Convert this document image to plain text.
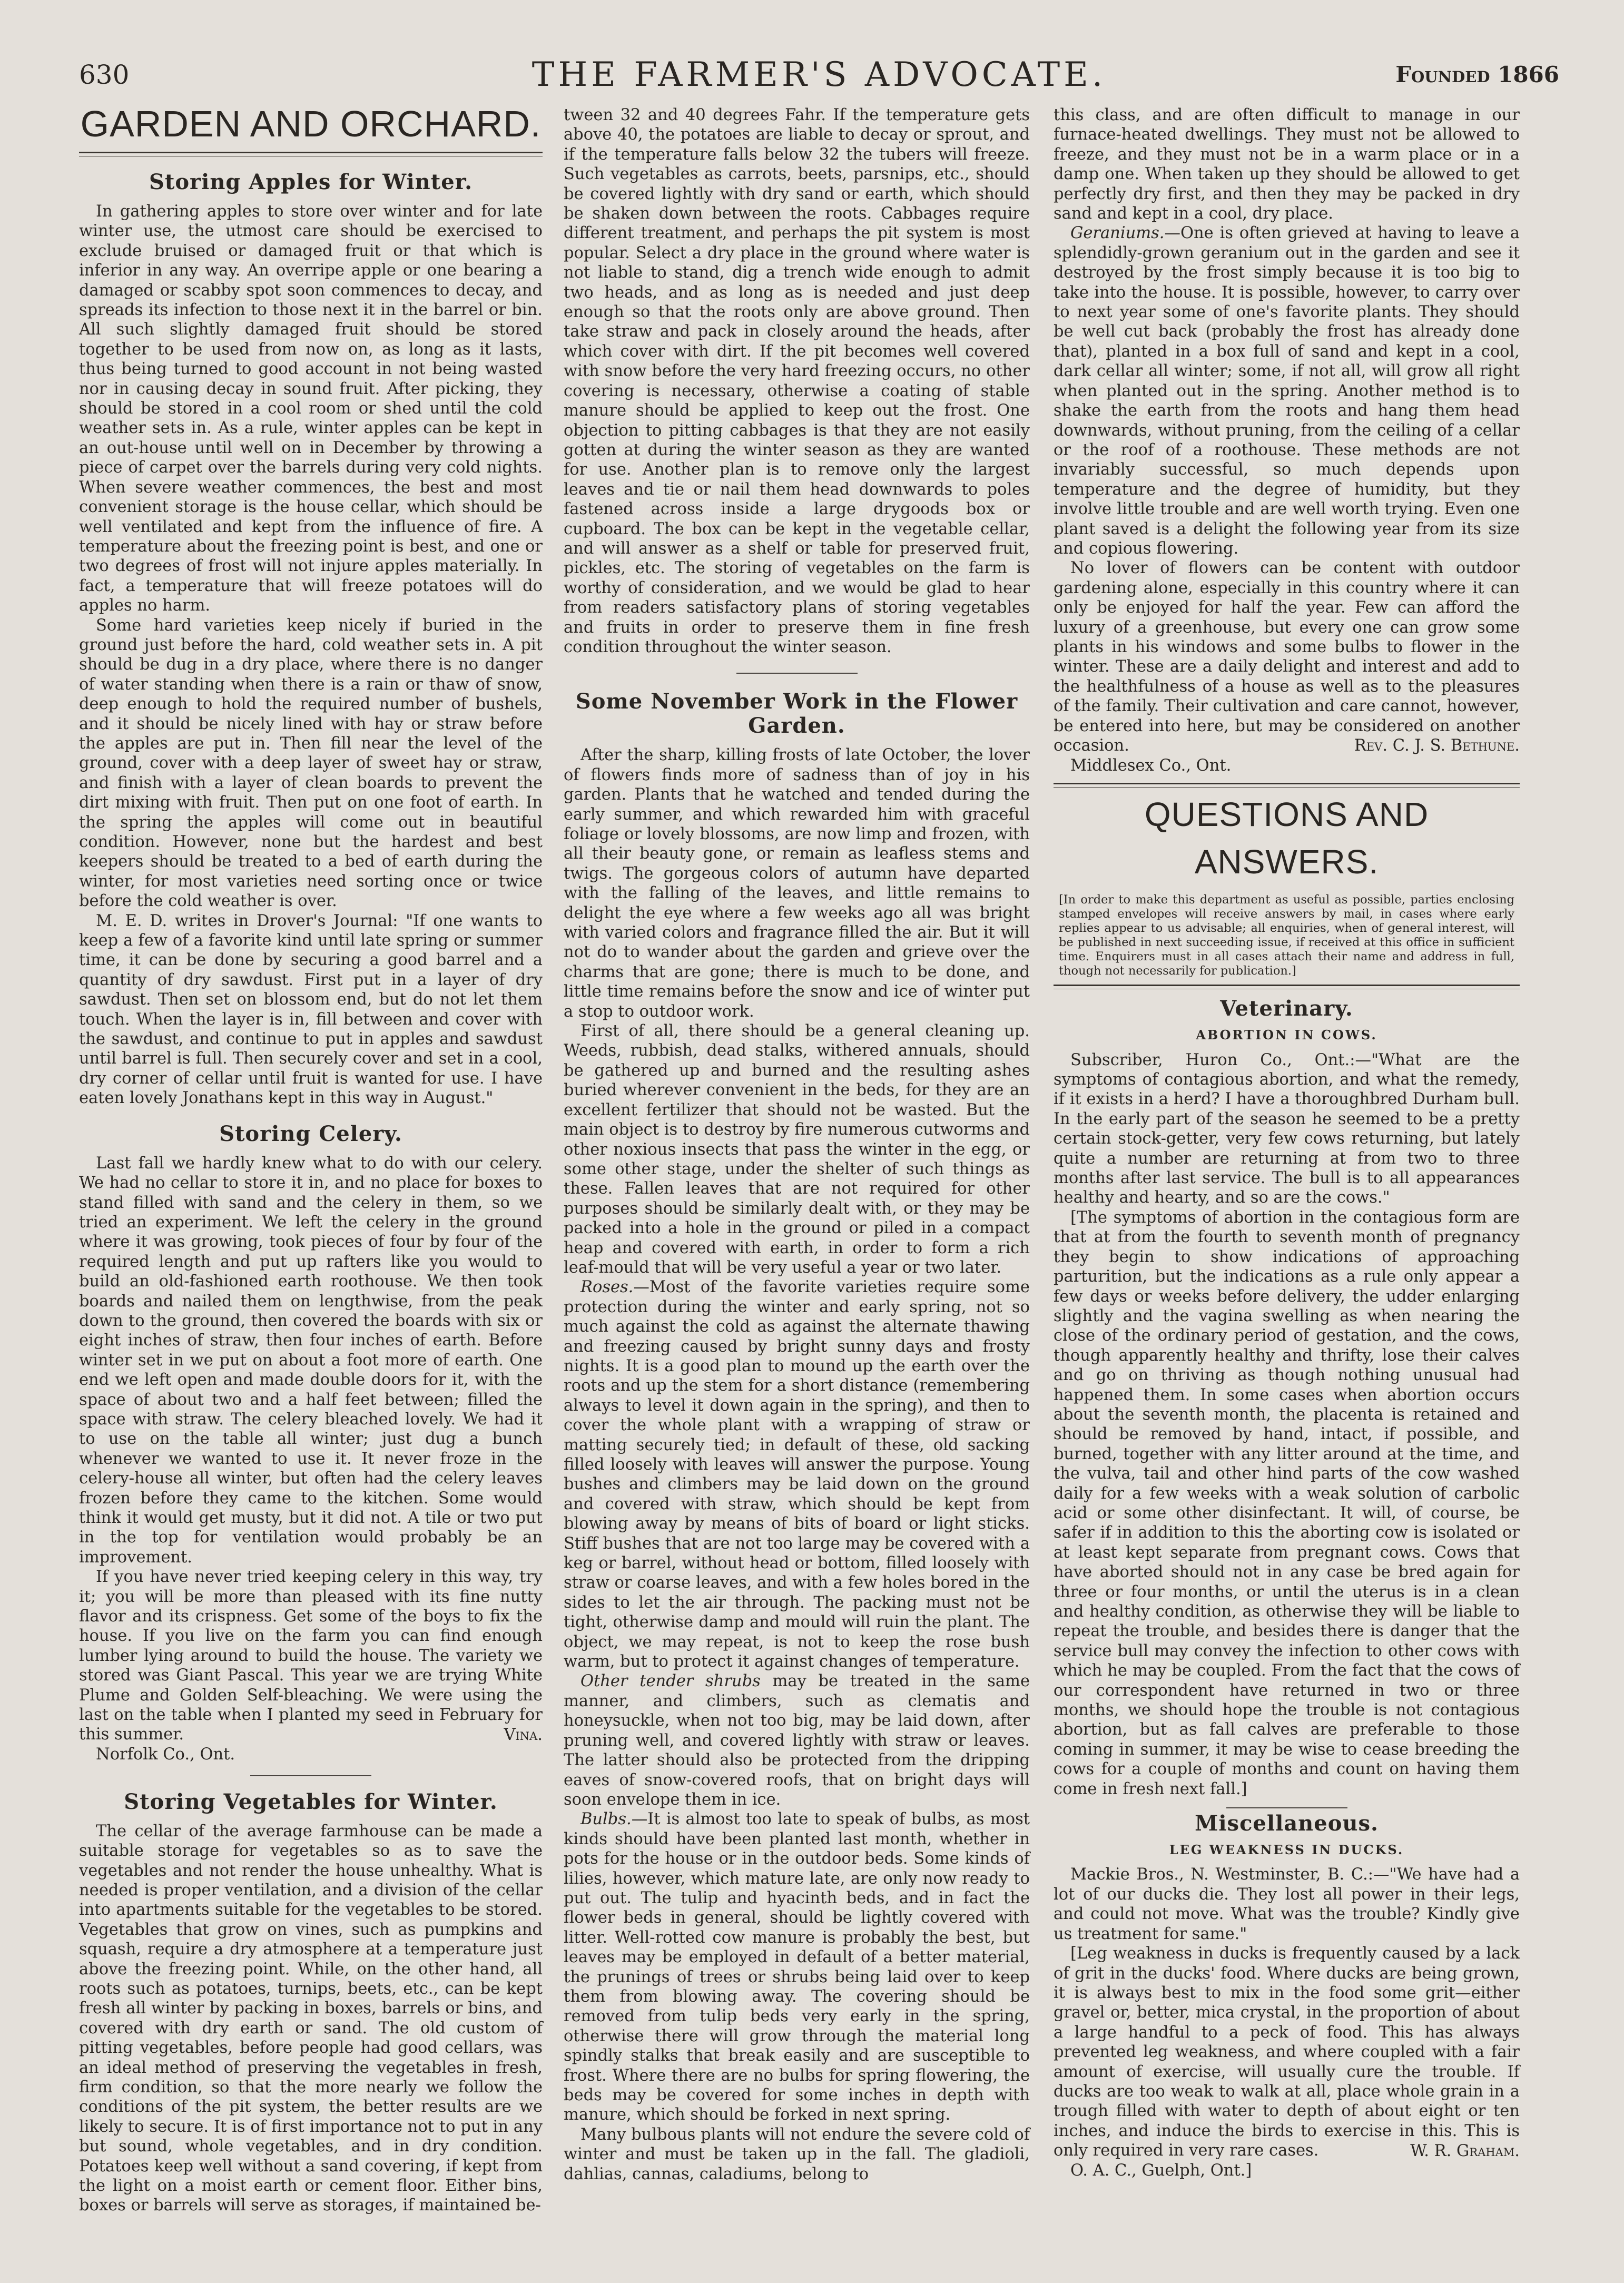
630	THE FARMER'S ADVOCATE.	Founded 1866
GARDEN AND ORCHARD.
Storing Apples for Winter.

In gathering apples to store over winter and for late winter use, the utmost care should be exercised to exclude bruised or damaged fruit or that which is inferior in any way. An overripe apple or one bearing a damaged or scabby spot soon commences to decay, and spreads its infection to those next it in the barrel or bin. All such slightly damaged fruit should be stored together to be used from now on, as long as it lasts, thus being turned to good account in not being wasted nor in causing decay in sound fruit. After picking, they should be stored in a cool room or shed until the cold weather sets in. As a rule, winter apples can be kept in an out-house until well on in December by throwing a piece of carpet over the barrels during very cold nights. When severe weather commences, the best and most convenient storage is the house cellar, which should be well ventilated and kept from the influence of fire. A temperature about the freezing point is best, and one or two degrees of frost will not injure apples materially. In fact, a temperature that will freeze potatoes will do apples no harm.

Some hard varieties keep nicely if buried in the ground just before the hard, cold weather sets in. A pit should be dug in a dry place, where there is no danger of water standing when there is a rain or thaw of snow, deep enough to hold the required number of bushels, and it should be nicely lined with hay or straw before the apples are put in. Then fill near the level of the ground, cover with a deep layer of sweet hay or straw, and finish with a layer of clean boards to prevent the dirt mixing with fruit. Then put on one foot of earth. In the spring the apples will come out in beautiful condition. However, none but the hardest and best keepers should be treated to a bed of earth during the winter, for most varieties need sorting once or twice before the cold weather is over.

M. E. D. writes in Drover's Journal: "If one wants to keep a few of a favorite kind until late spring or summer time, it can be done by securing a good barrel and a quantity of dry sawdust. First put in a layer of dry sawdust. Then set on blossom end, but do not let them touch. When the layer is in, fill between and cover with the sawdust, and continue to put in apples and sawdust until barrel is full. Then securely cover and set in a cool, dry corner of cellar until fruit is wanted for use. I have eaten lovely Jonathans kept in this way in August."

Storing Celery.

Last fall we hardly knew what to do with our celery. We had no cellar to store it in, and no place for boxes to stand filled with sand and the celery in them, so we tried an experiment. We left the celery in the ground where it was growing, took pieces of four by four of the required length and put up rafters like you would to build an old-fashioned earth roothouse. We then took boards and nailed them on lengthwise, from the peak down to the ground, then covered the boards with six or eight inches of straw, then four inches of earth. Before winter set in we put on about a foot more of earth. One end we left open and made double doors for it, with the space of about two and a half feet between; filled the space with straw. The celery bleached lovely. We had it to use on the table all winter; just dug a bunch whenever we wanted to use it. It never froze in the celery-house all winter, but often had the celery leaves frozen before they came to the kitchen. Some would think it would get musty, but it did not. A tile or two put in the top for ventilation would probably be an improvement.

If you have never tried keeping celery in this way, try it; you will be more than pleased with its fine nutty flavor and its crispness. Get some of the boys to fix the house. If you live on the farm you can find enough lumber lying around to build the house. The variety we stored was Giant Pascal. This year we are trying White Plume and Golden Self-bleaching. We were using the last on the table when I planted my seed in February for this summer.	Vina.

Norfolk Co., Ont.

Storing Vegetables for Winter.

The cellar of the average farmhouse can be made a suitable storage for vegetables so as to save the vegetables and not render the house unhealthy. What is needed is proper ventilation, and a division of the cellar into apartments suitable for the vegetables to be stored. Vegetables that grow on vines, such as pumpkins and squash, require a dry atmosphere at a temperature just above the freezing point. While, on the other hand, all roots such as potatoes, turnips, beets, etc., can be kept fresh all winter by packing in boxes, barrels or bins, and covered with dry earth or sand. The old custom of pitting vegetables, before people had good cellars, was an ideal method of preserving the vegetables in fresh, firm condition, so that the more nearly we follow the conditions of the pit system, the better results are we likely to secure. It is of first importance not to put in any but sound, whole vegetables, and in dry condition. Potatoes keep well without a sand covering, if kept from the light on a moist earth or cement floor. Either bins, boxes or barrels will serve as storages, if maintained be-

tween 32 and 40 degrees Fahr. If the temperature gets above 40, the potatoes are liable to decay or sprout, and if the temperature falls below 32 the tubers will freeze. Such vegetables as carrots, beets, parsnips, etc., should be covered lightly with dry sand or earth, which should be shaken down between the roots. Cabbages require different treatment, and perhaps the pit system is most popular. Select a dry place in the ground where water is not liable to stand, dig a trench wide enough to admit two heads, and as long as is needed and just deep enough so that the roots only are above ground. Then take straw and pack in closely around the heads, after which cover with dirt. If the pit becomes well covered with snow before the very hard freezing occurs, no other covering is necessary, otherwise a coating of stable manure should be applied to keep out the frost. One objection to pitting cabbages is that they are not easily gotten at during the winter season as they are wanted for use. Another plan is to remove only the largest leaves and tie or nail them head downwards to poles fastened across inside a large drygoods box or cupboard. The box can be kept in the vegetable cellar, and will answer as a shelf or table for preserved fruit, pickles, etc. The storing of vegetables on the farm is worthy of consideration, and we would be glad to hear from readers satisfactory plans of storing vegetables and fruits in order to preserve them in fine fresh condition throughout the winter season.

Some November Work in the Flower Garden.

After the sharp, killing frosts of late October, the lover of flowers finds more of sadness than of joy in his garden. Plants that he watched and tended during the early summer, and which rewarded him with graceful foliage or lovely blossoms, are now limp and frozen, with all their beauty gone, or remain as leafless stems and twigs. The gorgeous colors of autumn have departed with the falling of the leaves, and little remains to delight the eye where a few weeks ago all was bright with varied colors and fragrance filled the air. But it will not do to wander about the garden and grieve over the charms that are gone; there is much to be done, and little time remains before the snow and ice of winter put a stop to outdoor work.

First of all, there should be a general cleaning up. Weeds, rubbish, dead stalks, withered annuals, should be gathered up and burned and the resulting ashes buried wherever convenient in the beds, for they are an excellent fertilizer that should not be wasted. But the main object is to destroy by fire numerous cutworms and other noxious insects that pass the winter in the egg, or some other stage, under the shelter of such things as these. Fallen leaves that are not required for other purposes should be similarly dealt with, or they may be packed into a hole in the ground or piled in a compact heap and covered with earth, in order to form a rich leaf-mould that will be very useful a year or two later.

Roses.—Most of the favorite varieties require some protection during the winter and early spring, not so much against the cold as against the alternate thawing and freezing caused by bright sunny days and frosty nights. It is a good plan to mound up the earth over the roots and up the stem for a short distance (remembering always to level it down again in the spring), and then to cover the whole plant with a wrapping of straw or matting securely tied; in default of these, old sacking filled loosely with leaves will answer the purpose. Young bushes and climbers may be laid down on the ground and covered with straw, which should be kept from blowing away by means of bits of board or light sticks. Stiff bushes that are not too large may be covered with a keg or barrel, without head or bottom, filled loosely with straw or coarse leaves, and with a few holes bored in the sides to let the air through. The packing must not be tight, otherwise damp and mould will ruin the plant. The object, we may repeat, is not to keep the rose bush warm, but to protect it against changes of temperature.

Other tender shrubs may be treated in the same manner, and climbers, such as clematis and honeysuckle, when not too big, may be laid down, after pruning well, and covered lightly with straw or leaves. The latter should also be protected from the dripping eaves of snow-covered roofs, that on bright days will soon envelope them in ice.

Bulbs.—It is almost too late to speak of bulbs, as most kinds should have been planted last month, whether in pots for the house or in the outdoor beds. Some kinds of lilies, however, which mature late, are only now ready to put out. The tulip and hyacinth beds, and in fact the flower beds in general, should be lightly covered with litter. Well-rotted cow manure is probably the best, but leaves may be employed in default of a better material, the prunings of trees or shrubs being laid over to keep them from blowing away. The covering should be removed from tulip beds very early in the spring, otherwise there will grow through the material long spindly stalks that break easily and are susceptible to frost. Where there are no bulbs for spring flowering, the beds may be covered for some inches in depth with manure, which should be forked in next spring.

Many bulbous plants will not endure the severe cold of winter and must be taken up in the fall. The gladioli, dahlias, cannas, caladiums, belong to

this class, and are often difficult to manage in our furnace-heated dwellings. They must not be allowed to freeze, and they must not be in a warm place or in a damp one. When taken up they should be allowed to get perfectly dry first, and then they may be packed in dry sand and kept in a cool, dry place.

Geraniums.—One is often grieved at having to leave a splendidly-grown geranium out in the garden and see it destroyed by the frost simply because it is too big to take into the house. It is possible, however, to carry over to next year some of one's favorite plants. They should be well cut back (probably the frost has already done that), planted in a box full of sand and kept in a cool, dark cellar all winter; some, if not all, will grow all right when planted out in the spring. Another method is to shake the earth from the roots and hang them head downwards, without pruning, from the ceiling of a cellar or the roof of a roothouse. These methods are not invariably successful, so much depends upon temperature and the degree of humidity, but they involve little trouble and are well worth trying. Even one plant saved is a delight the following year from its size and copious flowering.

No lover of flowers can be content with outdoor gardening alone, especially in this country where it can only be enjoyed for half the year. Few can afford the luxury of a greenhouse, but every one can grow some plants in his windows and some bulbs to flower in the winter. These are a daily delight and interest and add to the healthfulness of a house as well as to the pleasures of the family. Their cultivation and care cannot, however, be entered into here, but may be considered on another occasion.	Rev. C. J. S. Bethune.

Middlesex Co., Ont.

QUESTIONS AND ANSWERS.
[In order to make this department as useful as possible, parties enclosing stamped envelopes will receive answers by mail, in cases where early replies appear to us advisable; all enquiries, when of general interest, will be published in next succeeding issue, if received at this office in sufficient time. Enquirers must in all cases attach their name and address in full, though not necessarily for publication.]
Veterinary.
ABORTION IN COWS.

Subscriber, Huron Co., Ont.:—"What are the symptoms of contagious abortion, and what the remedy, if it exists in a herd? I have a thoroughbred Durham bull. In the early part of the season he seemed to be a pretty certain stock-getter, very few cows returning, but lately quite a number are returning at from two to three months after last service. The bull is to all appearances healthy and hearty, and so are the cows."

[The symptoms of abortion in the contagious form are that at from the fourth to seventh month of pregnancy they begin to show indications of approaching parturition, but the indications as a rule only appear a few days or weeks before delivery, the udder enlarging slightly and the vagina swelling as when nearing the close of the ordinary period of gestation, and the cows, though apparently healthy and thrifty, lose their calves and go on thriving as though nothing unusual had happened them. In some cases when abortion occurs about the seventh month, the placenta is retained and should be removed by hand, intact, if possible, and burned, together with any litter around at the time, and the vulva, tail and other hind parts of the cow washed daily for a few weeks with a weak solution of carbolic acid or some other disinfectant. It will, of course, be safer if in addition to this the aborting cow is isolated or at least kept separate from pregnant cows. Cows that have aborted should not in any case be bred again for three or four months, or until the uterus is in a clean and healthy condition, as otherwise they will be liable to repeat the trouble, and besides there is danger that the service bull may convey the infection to other cows with which he may be coupled. From the fact that the cows of our correspondent have returned in two or three months, we should hope the trouble is not contagious abortion, but as fall calves are preferable to those coming in summer, it may be wise to cease breeding the cows for a couple of months and count on having them come in fresh next fall.]

Miscellaneous.
LEG WEAKNESS IN DUCKS.

Mackie Bros., N. Westminster, B. C.:—"We have had a lot of our ducks die. They lost all power in their legs, and could not move. What was the trouble? Kindly give us treatment for same."

[Leg weakness in ducks is frequently caused by a lack of grit in the ducks' food. Where ducks are being grown, it is always best to mix in the food some grit—either gravel or, better, mica crystal, in the proportion of about a large handful to a peck of food. This has always prevented leg weakness, and where coupled with a fair amount of exercise, will usually cure the trouble. If ducks are too weak to walk at all, place whole grain in a trough filled with water to depth of about eight or ten inches, and induce the birds to exercise in this. This is only required in very rare cases.	W. R. Graham.

O. A. C., Guelph, Ont.]
